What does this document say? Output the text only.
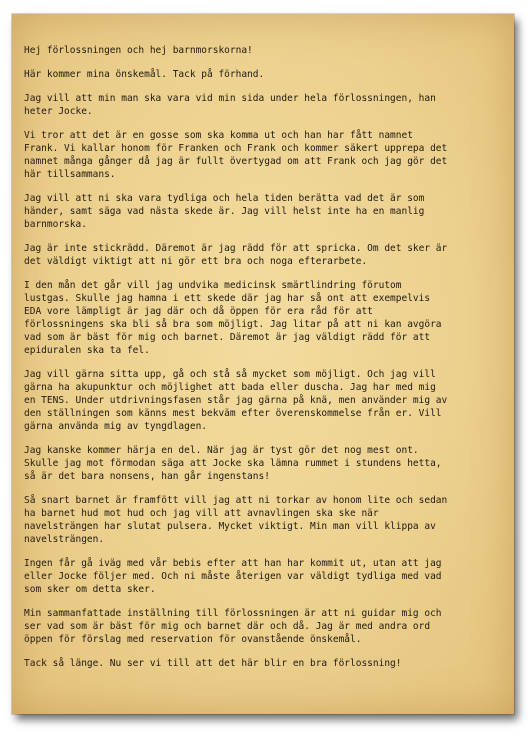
Hej förlossningen och hej barnmorskorna!

Här kommer mina önskemål. Tack på förhand.

Jag vill att min man ska vara vid min sida under hela förlossningen, han
heter Jocke.

Vi tror att det är en gosse som ska komma ut och han har fått namnet
Frank. Vi kallar honom för Franken och Frank och kommer säkert upprepa det
namnet många gånger då jag är fullt övertygad om att Frank och jag gör det
här tillsammans.

Jag vill att ni ska vara tydliga och hela tiden berätta vad det är som
händer, samt säga vad nästa skede är. Jag vill helst inte ha en manlig
barnmorska.

Jag är inte stickrädd. Däremot är jag rädd för att spricka. Om det sker är
det väldigt viktigt att ni gör ett bra och noga efterarbete.

I den mån det går vill jag undvika medicinsk smärtlindring förutom
lustgas. Skulle jag hamna i ett skede där jag har så ont att exempelvis
EDA vore lämpligt är jag där och då öppen för era råd för att
förlossningens ska bli så bra som möjligt. Jag litar på att ni kan avgöra
vad som är bäst för mig och barnet. Däremot är jag väldigt rädd för att
epiduralen ska ta fel.

Jag vill gärna sitta upp, gå och stå så mycket som möjligt. Och jag vill
gärna ha akupunktur och möjlighet att bada eller duscha. Jag har med mig
en TENS. Under utdrivningsfasen står jag gärna på knä, men använder mig av
den ställningen som känns mest bekväm efter överenskommelse från er. Vill
gärna använda mig av tyngdlagen.

Jag kanske kommer härja en del. När jag är tyst gör det nog mest ont.
Skulle jag mot förmodan säga att Jocke ska lämna rummet i stundens hetta,
så är det bara nonsens, han går ingenstans!

Så snart barnet är framfött vill jag att ni torkar av honom lite och sedan
ha barnet hud mot hud och jag vill att avnavlingen ska ske när
navelsträngen har slutat pulsera. Mycket viktigt. Min man vill klippa av
navelsträngen.

Ingen får gå iväg med vår bebis efter att han har kommit ut, utan att jag
eller Jocke följer med. Och ni måste återigen var väldigt tydliga med vad
som sker om detta sker.

Min sammanfattade inställning till förlossningen är att ni guidar mig och
ser vad som är bäst för mig och barnet där och då. Jag är med andra ord
öppen för förslag med reservation för ovanstående önskemål.

Tack så länge. Nu ser vi till att det här blir en bra förlossning!
